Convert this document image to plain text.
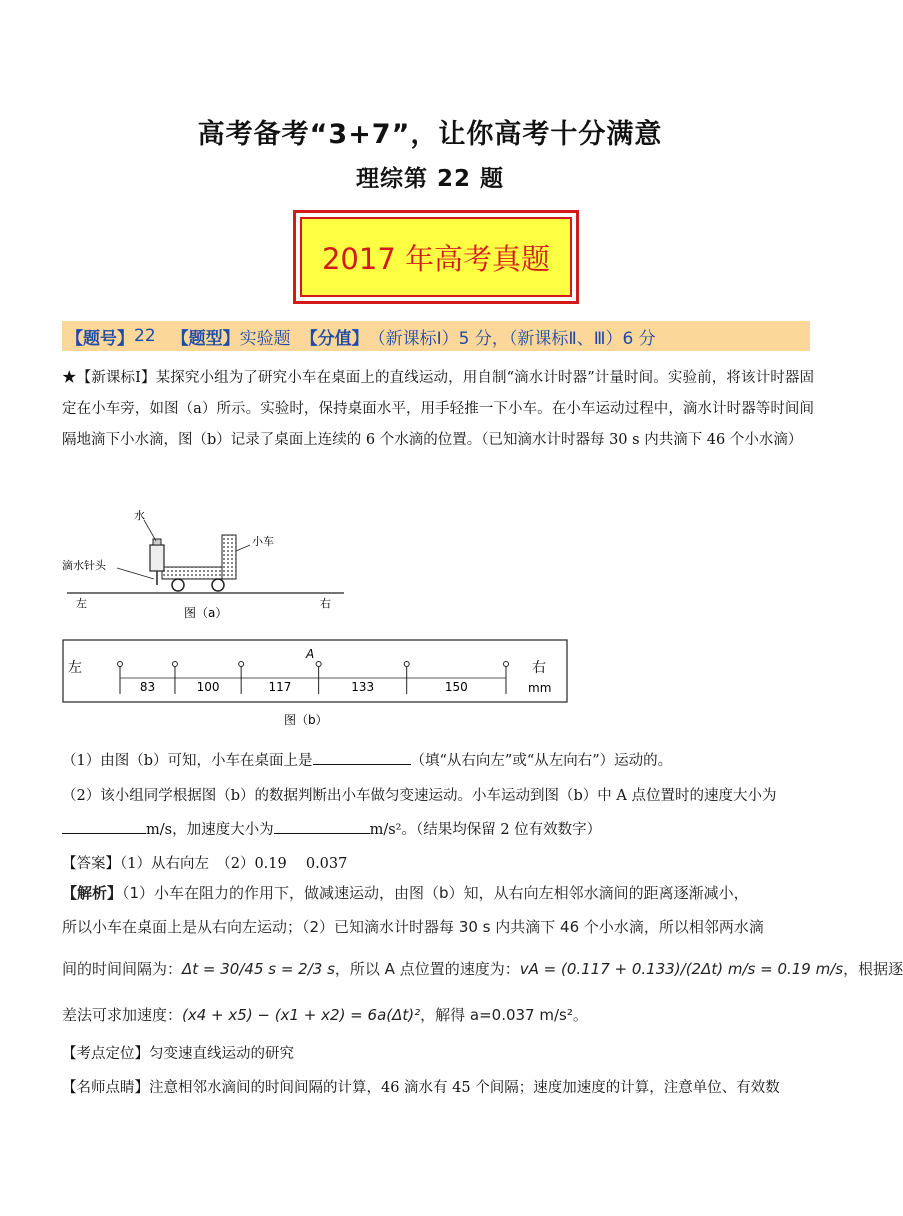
高考备考“3+7”，让你高考十分满意
理综第 22 题
2017 年高考真题
【题号】 22 【题型】 实验题 【分值】 （新课标Ⅰ）5 分，（新课标Ⅱ、Ⅲ）6 分
★【新课标Ⅰ】某探究小组为了研究小车在桌面上的直线运动，用自制“滴水计时器”计量时间。实验前，将该计时器固定在小车旁，如图（a）所示。实验时，保持桌面水平，用手轻推一下小车。在小车运动过程中，滴水计时器等时间间隔地滴下小水滴，图（b）记录了桌面上连续的 6 个水滴的位置。（已知滴水计时器每 30 s 内共滴下 46 个小水滴）
水
小车
滴水针头
左	右
图（a）
左	右
mm
A
83	100	117	133	150
图（b）
（1）由图（b）可知，小车在桌面上是	（填“从右向左”或“从左向右”）运动的。
（2）该小组同学根据图（b）的数据判断出小车做匀变速运动。小车运动到图（b）中 A 点位置时的速度大小为
m/s，加速度大小为	m/s²。（结果均保留 2 位有效数字）
【答案】（1）从右向左　（2）0.19　 0.037
【解析】（1）小车在阻力的作用下，做减速运动，由图（b）知，从右向左相邻水滴间的距离逐渐减小，
所以小车在桌面上是从右向左运动；（2）已知滴水计时器每 30 s 内共滴下 46 个小水滴，所以相邻两水滴
间的时间间隔为：Δt = 30/45 s = 2/3 s，所以 A 点位置的速度为：vA = (0.117 + 0.133)/(2Δt) m/s = 0.19 m/s，根据逐
差法可求加速度：(x4 + x5) − (x1 + x2) = 6a(Δt)²，解得 a=0.037 m/s²。
【考点定位】匀变速直线运动的研究
【名师点睛】注意相邻水滴间的时间间隔的计算，46 滴水有 45 个间隔；速度加速度的计算，注意单位、有效数
